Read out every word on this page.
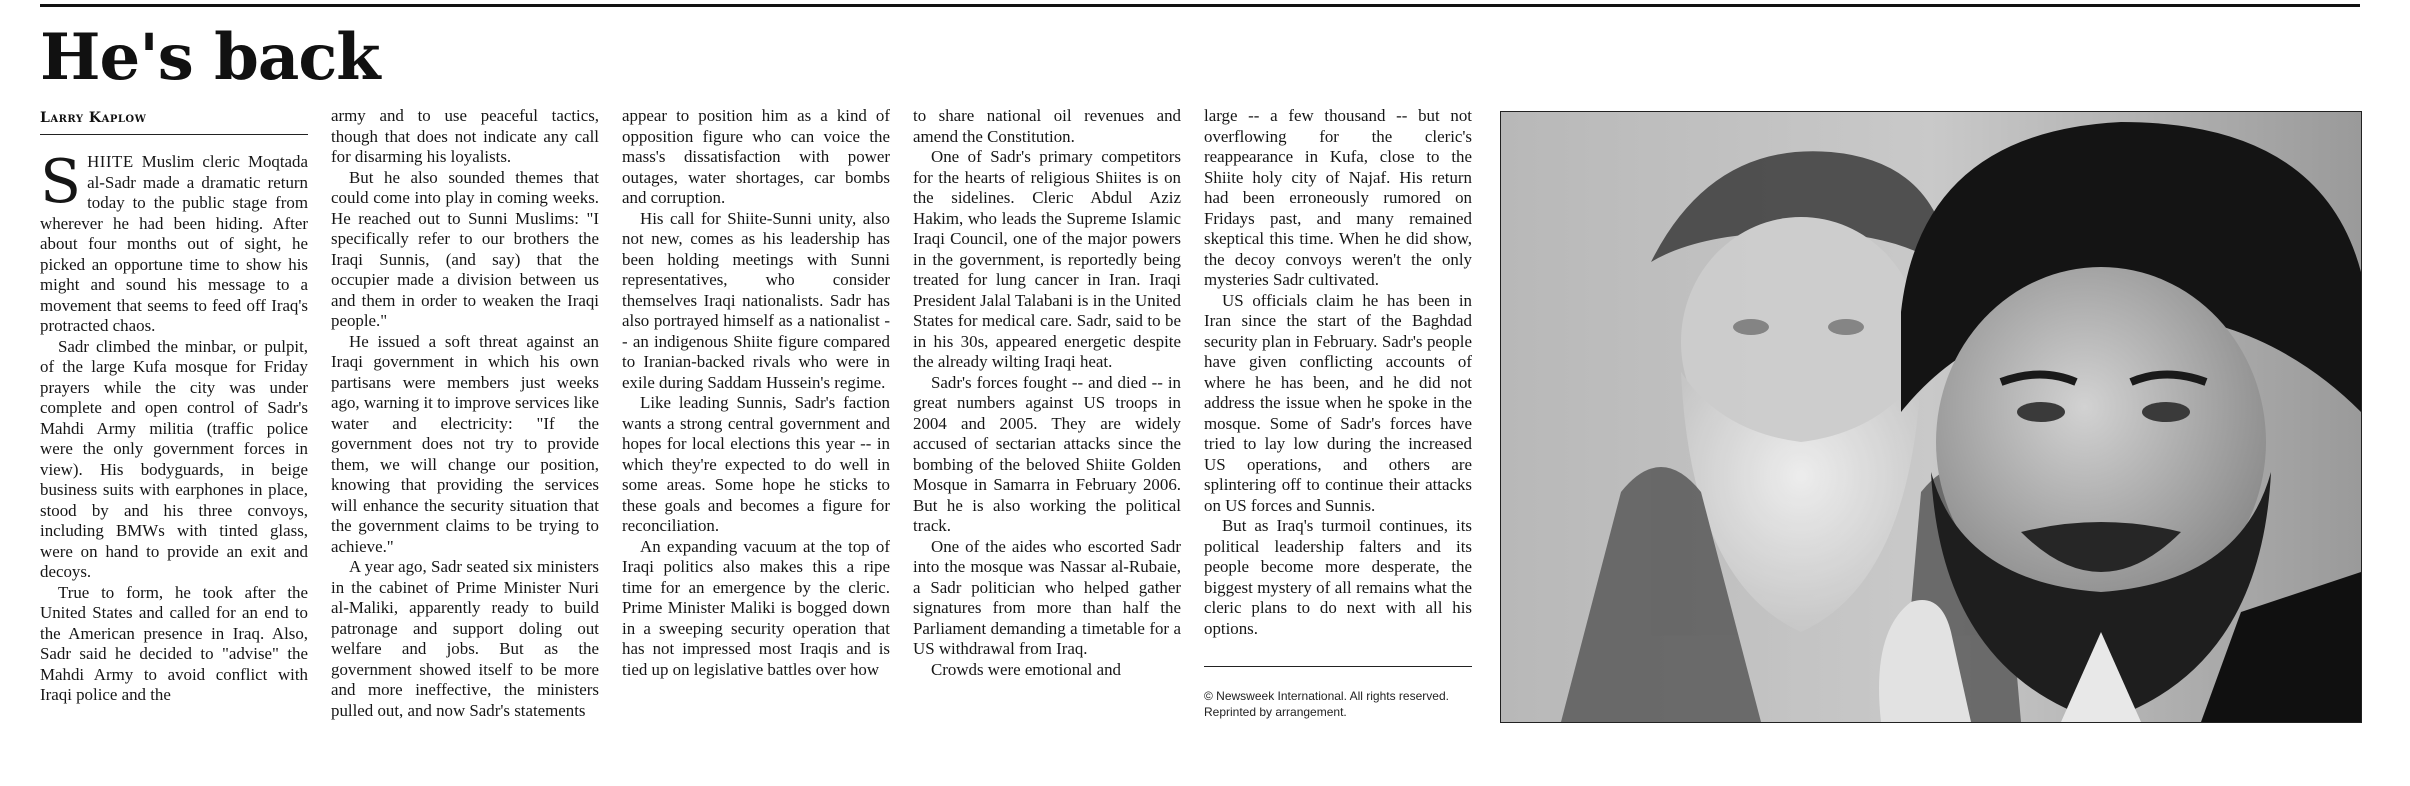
He's back
Larry Kaplow

SHIITE Muslim cleric Moqtada al-Sadr made a dramatic return today to the public stage from wherever he had been hiding. After about four months out of sight, he picked an opportune time to show his might and sound his message to a movement that seems to feed off Iraq's protracted chaos.

Sadr climbed the minbar, or pulpit, of the large Kufa mosque for Friday prayers while the city was under complete and open control of Sadr's Mahdi Army militia (traffic police were the only government forces in view). His bodyguards, in beige business suits with earphones in place, stood by and his three convoys, including BMWs with tinted glass, were on hand to provide an exit and decoys.

True to form, he took after the United States and called for an end to the American presence in Iraq. Also, Sadr said he decided to "advise" the Mahdi Army to avoid conflict with Iraqi police and the

army and to use peaceful tactics, though that does not indicate any call for disarming his loyalists.

But he also sounded themes that could come into play in coming weeks. He reached out to Sunni Muslims: "I specifically refer to our brothers the Iraqi Sunnis, (and say) that the occupier made a division between us and them in order to weaken the Iraqi people."

He issued a soft threat against an Iraqi government in which his own partisans were members just weeks ago, warning it to improve services like water and electricity: "If the government does not try to provide them, we will change our position, knowing that providing the services will enhance the security situation that the government claims to be trying to achieve."

A year ago, Sadr seated six ministers in the cabinet of Prime Minister Nuri al-Maliki, apparently ready to build patronage and support doling out welfare and jobs. But as the government showed itself to be more and more ineffective, the ministers pulled out, and now Sadr's statements

appear to position him as a kind of opposition figure who can voice the mass's dissatisfaction with power outages, water shortages, car bombs and corruption.

His call for Shiite-Sunni unity, also not new, comes as his leadership has been holding meetings with Sunni representatives, who consider themselves Iraqi nationalists. Sadr has also portrayed himself as a nationalist -- an indigenous Shiite figure compared to Iranian-backed rivals who were in exile during Saddam Hussein's regime.

Like leading Sunnis, Sadr's faction wants a strong central government and hopes for local elections this year -- in which they're expected to do well in some areas. Some hope he sticks to these goals and becomes a figure for reconciliation.

An expanding vacuum at the top of Iraqi politics also makes this a ripe time for an emergence by the cleric. Prime Minister Maliki is bogged down in a sweeping security operation that has not impressed most Iraqis and is tied up on legislative battles over how

to share national oil revenues and amend the Constitution.

One of Sadr's primary competitors for the hearts of religious Shiites is on the sidelines. Cleric Abdul Aziz Hakim, who leads the Supreme Islamic Iraqi Council, one of the major powers in the government, is reportedly being treated for lung cancer in Iran. Iraqi President Jalal Talabani is in the United States for medical care. Sadr, said to be in his 30s, appeared energetic despite the already wilting Iraqi heat.

Sadr's forces fought -- and died -- in great numbers against US troops in 2004 and 2005. They are widely accused of sectarian attacks since the bombing of the beloved Shiite Golden Mosque in Samarra in February 2006. But he is also working the political track.

One of the aides who escorted Sadr into the mosque was Nassar al-Rubaie, a Sadr politician who helped gather signatures from more than half the Parliament demanding a timetable for a US withdrawal from Iraq.

Crowds were emotional and

large -- a few thousand -- but not overflowing for the cleric's reappearance in Kufa, close to the Shiite holy city of Najaf. His return had been erroneously rumored on Fridays past, and many remained skeptical this time. When he did show, the decoy convoys weren't the only mysteries Sadr cultivated.

US officials claim he has been in Iran since the start of the Baghdad security plan in February. Sadr's people have given conflicting accounts of where he has been, and he did not address the issue when he spoke in the mosque. Some of Sadr's forces have tried to lay low during the increased US operations, and others are splintering off to continue their attacks on US forces and Sunnis.

But as Iraq's turmoil continues, its political leadership falters and its people become more desperate, the biggest mystery of all remains what the cleric plans to do next with all his options.

© Newsweek International. All rights reserved.
Reprinted by arrangement.
